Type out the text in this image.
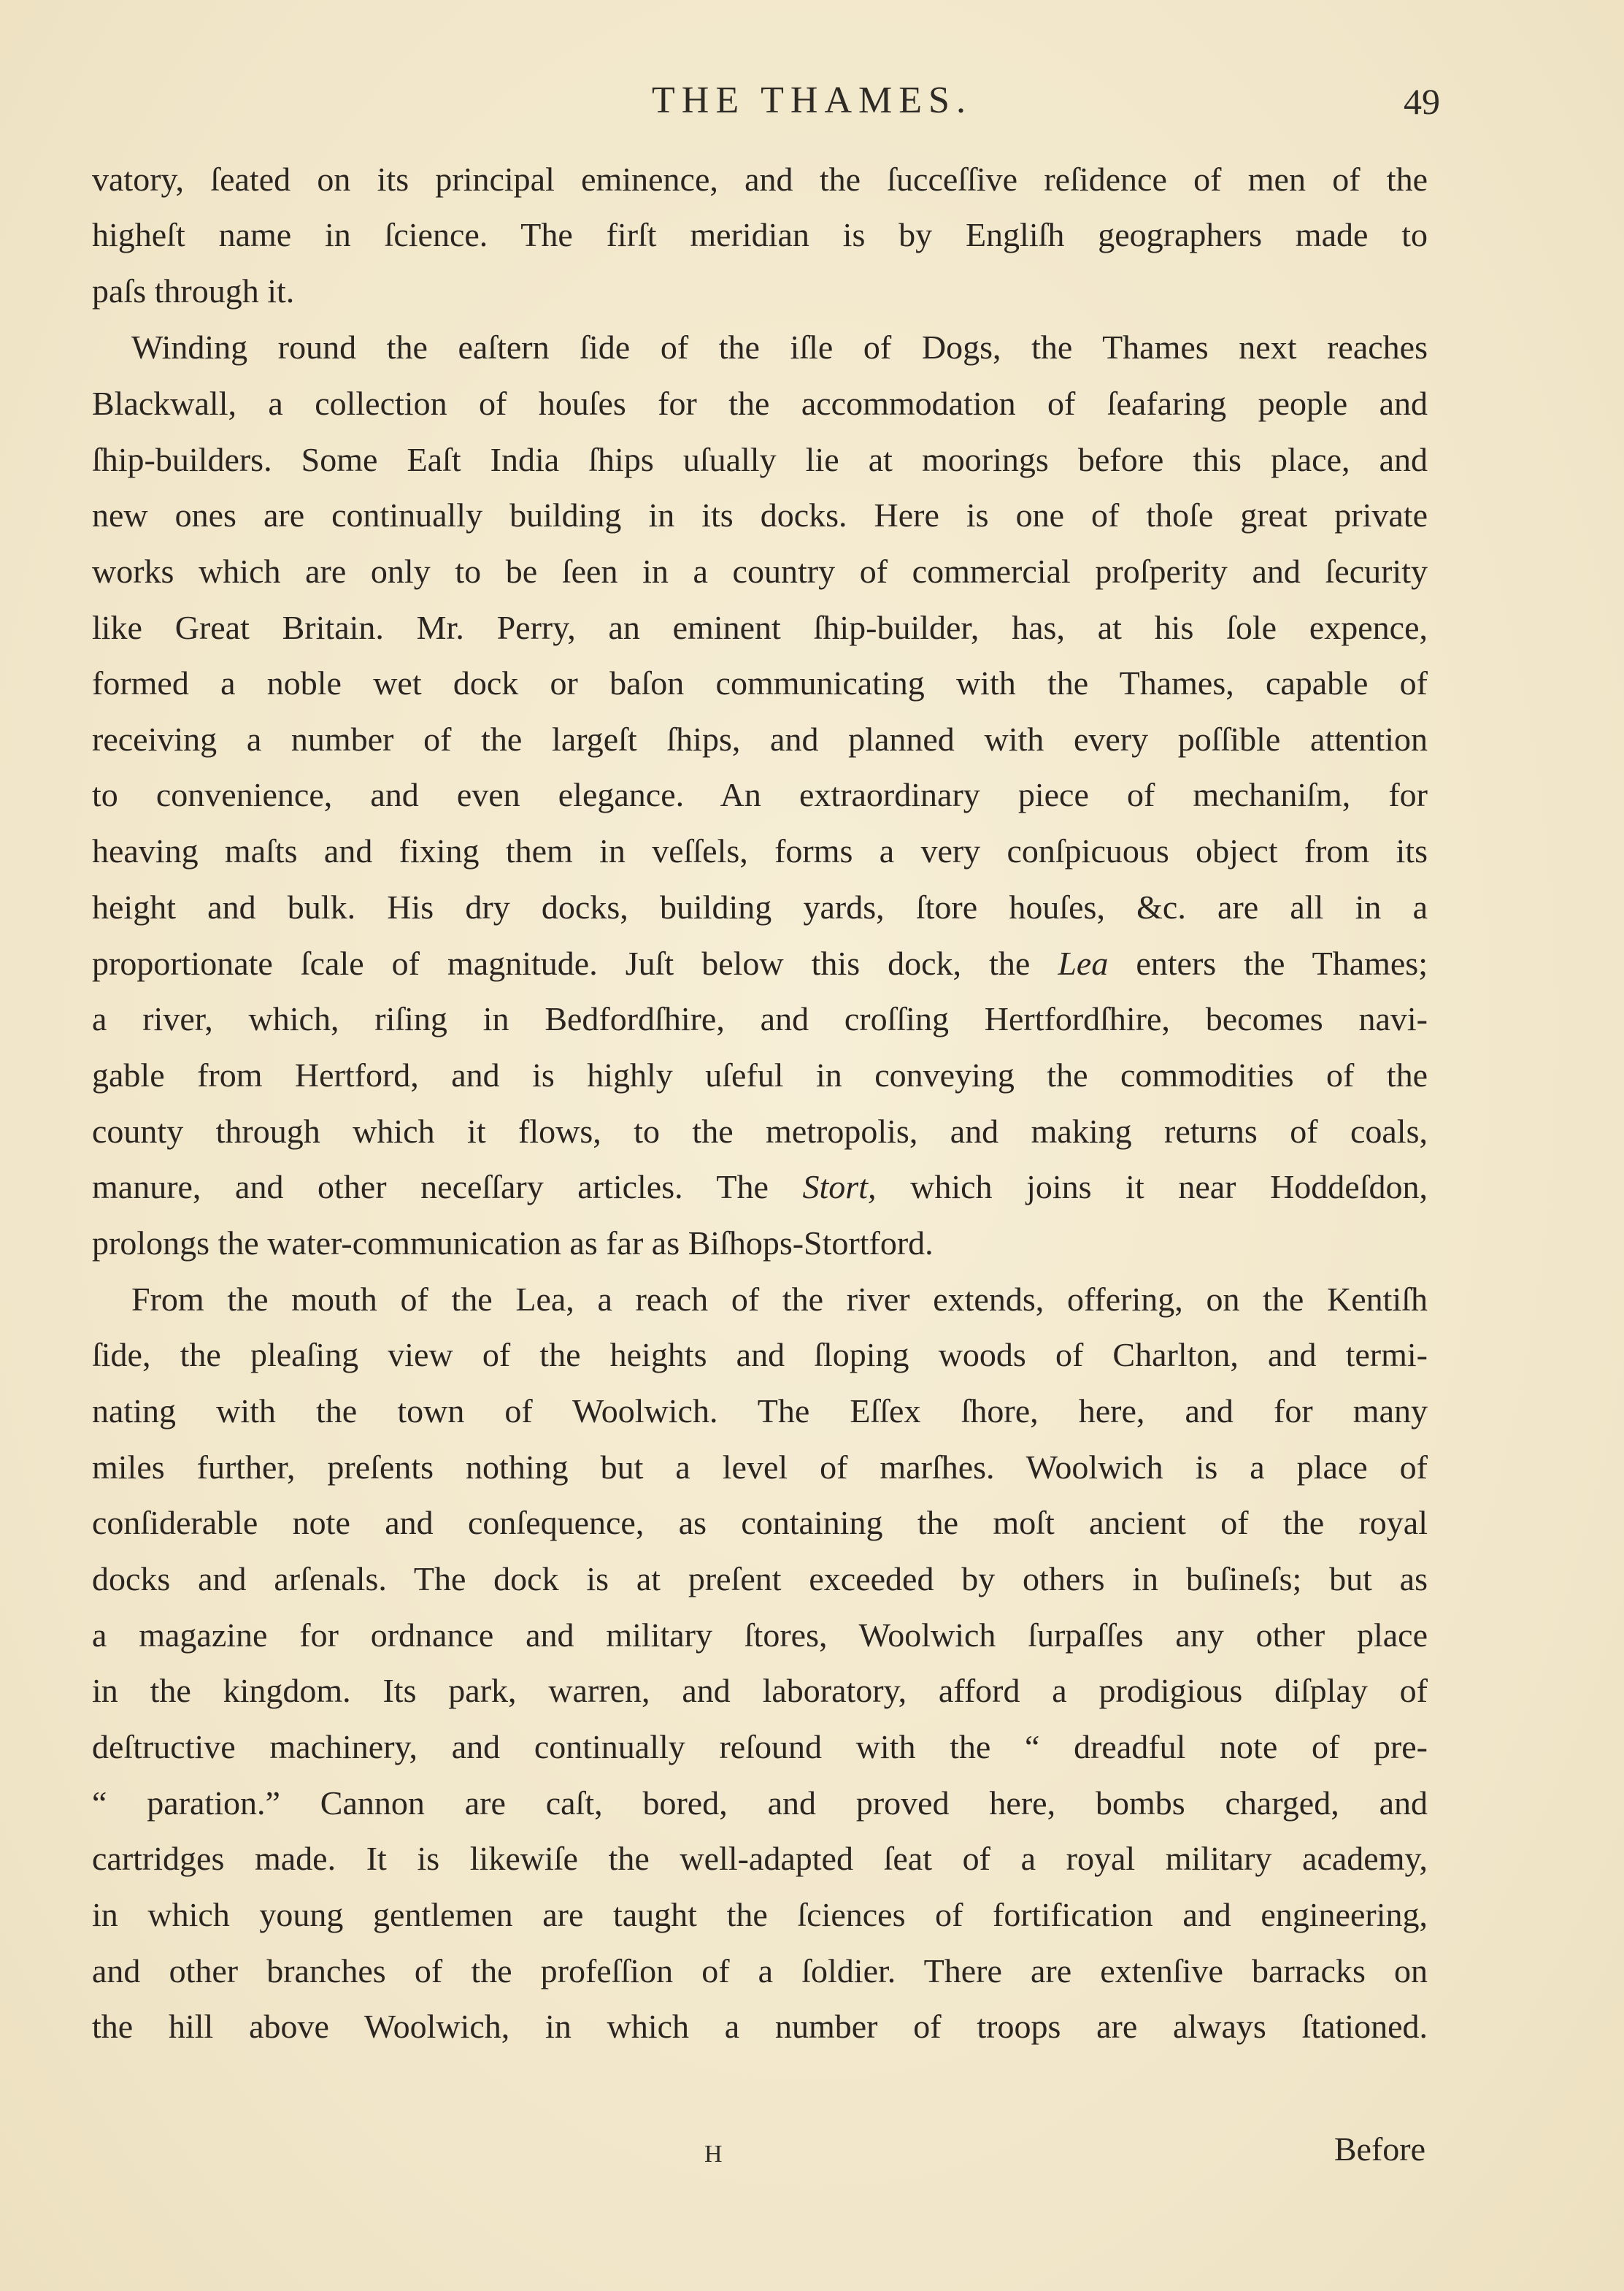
THE THAMES.	49
vatory, ſeated on its principal eminence, and the ſucceſſive reſidence of men of the
higheſt name in ſcience. The firſt meridian is by Engliſh geographers made to
paſs through it.
Winding round the eaſtern ſide of the iſle of Dogs, the Thames next reaches
Blackwall, a collection of houſes for the accommodation of ſeafaring people and
ſhip-builders. Some Eaſt India ſhips uſually lie at moorings before this place, and
new ones are continually building in its docks. Here is one of thoſe great private
works which are only to be ſeen in a country of commercial proſperity and ſecurity
like Great Britain. Mr. Perry, an eminent ſhip-builder, has, at his ſole expence,
formed a noble wet dock or baſon communicating with the Thames, capable of
receiving a number of the largeſt ſhips, and planned with every poſſible attention
to convenience, and even elegance. An extraordinary piece of mechaniſm, for
heaving maſts and fixing them in veſſels, forms a very conſpicuous object from its
height and bulk. His dry docks, building yards, ſtore houſes, &c. are all in a
proportionate ſcale of magnitude. Juſt below this dock, the Lea enters the Thames;
a river, which, riſing in Bedfordſhire, and croſſing Hertfordſhire, becomes navi-
gable from Hertford, and is highly uſeful in conveying the commodities of the
county through which it flows, to the metropolis, and making returns of coals,
manure, and other neceſſary articles. The Stort, which joins it near Hoddeſdon,
prolongs the water-communication as far as Biſhops-Stortford.
From the mouth of the Lea, a reach of the river extends, offering, on the Kentiſh
ſide, the pleaſing view of the heights and ſloping woods of Charlton, and termi-
nating with the town of Woolwich. The Eſſex ſhore, here, and for many
miles further, preſents nothing but a level of marſhes. Woolwich is a place of
conſiderable note and conſequence, as containing the moſt ancient of the royal
docks and arſenals. The dock is at preſent exceeded by others in buſineſs; but as
a magazine for ordnance and military ſtores, Woolwich ſurpaſſes any other place
in the kingdom. Its park, warren, and laboratory, afford a prodigious diſplay of
deſtructive machinery, and continually reſound with the “ dreadful note of pre-
“ paration.” Cannon are caſt, bored, and proved here, bombs charged, and
cartridges made. It is likewiſe the well-adapted ſeat of a royal military academy,
in which young gentlemen are taught the ſciences of fortification and engineering,
and other branches of the profeſſion of a ſoldier. There are extenſive barracks on
the hill above Woolwich, in which a number of troops are always ſtationed.
H	Before
